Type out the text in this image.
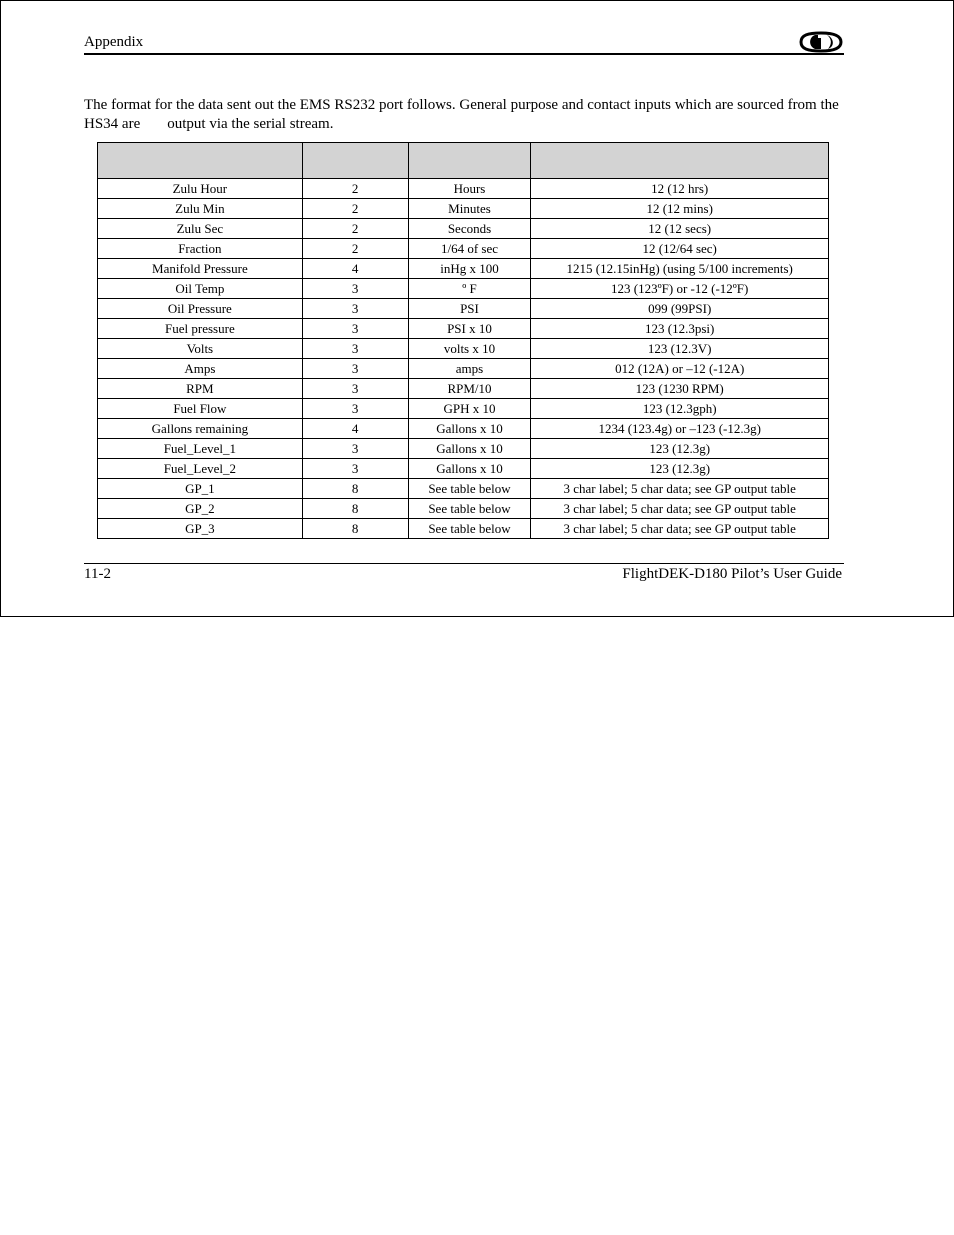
Appendix
The format for the data sent out the EMS RS232 port follows. General purpose and contact inputs which are sourced from the HS34 are output via the serial stream.

Zulu Hour	2	Hours	12 (12 hrs)
Zulu Min	2	Minutes	12 (12 mins)
Zulu Sec	2	Seconds	12 (12 secs)
Fraction	2	1/64 of sec	12 (12/64 sec)
Manifold Pressure	4	inHg x 100	1215 (12.15inHg) (using 5/100 increments)
Oil Temp	3	º F	123 (123ºF) or -12 (-12ºF)
Oil Pressure	3	PSI	099 (99PSI)
Fuel pressure	3	PSI x 10	123 (12.3psi)
Volts	3	volts x 10	123 (12.3V)
Amps	3	amps	012 (12A) or –12 (-12A)
RPM	3	RPM/10	123 (1230 RPM)
Fuel Flow	3	GPH x 10	123 (12.3gph)
Gallons remaining	4	Gallons x 10	1234 (123.4g) or –123 (-12.3g)
Fuel_Level_1	3	Gallons x 10	123 (12.3g)
Fuel_Level_2	3	Gallons x 10	123 (12.3g)
GP_1	8	See table below	3 char label; 5 char data; see GP output table
GP_2	8	See table below	3 char label; 5 char data; see GP output table
GP_3	8	See table below	3 char label; 5 char data; see GP output table
11-2	FlightDEK-D180 Pilot’s User Guide
